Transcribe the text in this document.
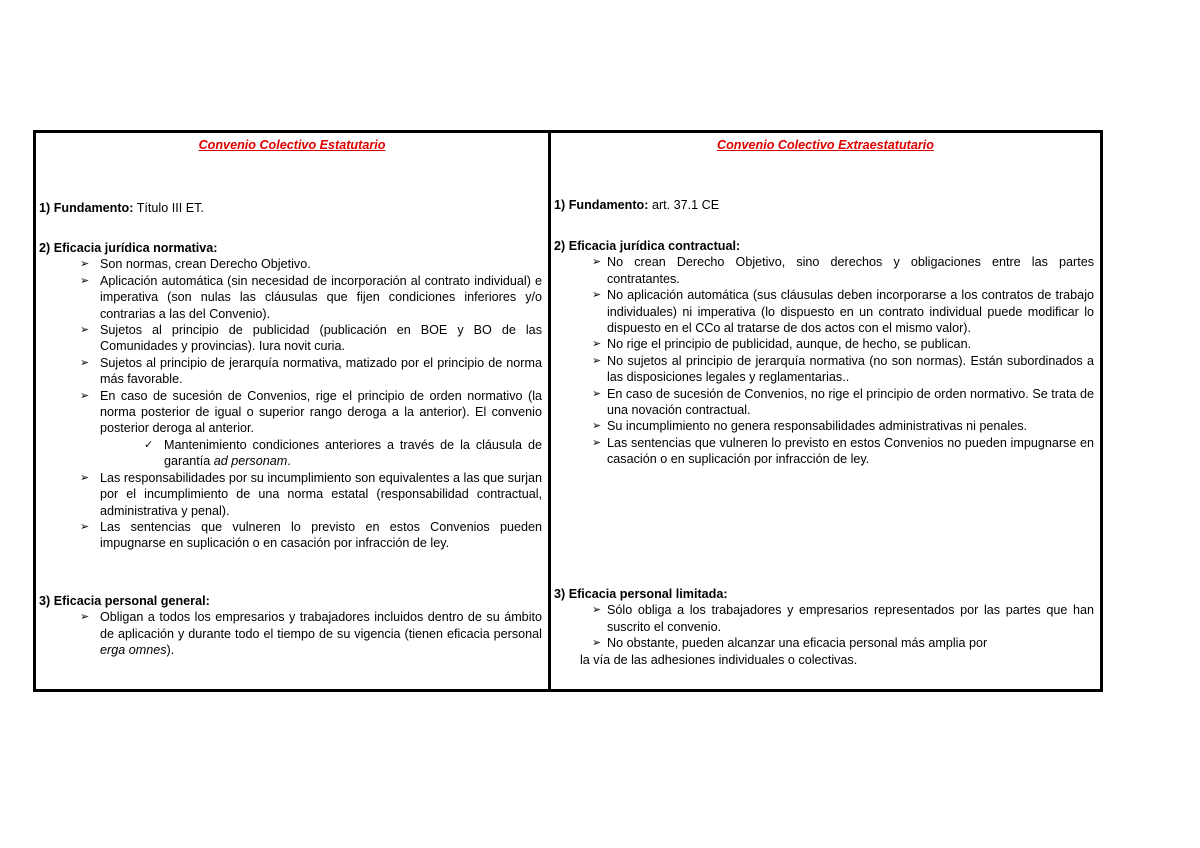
Convenio Colectivo Estatutario
1) Fundamento: Título III ET.
2) Eficacia jurídica normativa:
➢ Son normas, crean Derecho Objetivo.
➢ Aplicación automática (sin necesidad de incorporación al contrato individual) e imperativa (son nulas las cláusulas que fijen condiciones inferiores y/o contrarias a las del Convenio).
➢ Sujetos al principio de publicidad (publicación en BOE y BO de las Comunidades y provincias). Iura novit curia.
➢ Sujetos al principio de jerarquía normativa, matizado por el principio de norma más favorable.
➢ En caso de sucesión de Convenios, rige el principio de orden normativo (la norma posterior de igual o superior rango deroga a la anterior). El convenio posterior deroga al anterior.
✓ Mantenimiento condiciones anteriores a través de la cláusula de garantía ad personam.
➢ Las responsabilidades por su incumplimiento son equivalentes a las que surjan por el incumplimiento de una norma estatal (responsabilidad contractual, administrativa y penal).
➢ Las sentencias que vulneren lo previsto en estos Convenios pueden impugnarse en suplicación o en casación por infracción de ley.
3) Eficacia personal general:
➢ Obligan a todos los empresarios y trabajadores incluidos dentro de su ámbito de aplicación y durante todo el tiempo de su vigencia (tienen eficacia personal erga omnes).
Convenio Colectivo Extraestatutario
1) Fundamento: art. 37.1 CE
2) Eficacia jurídica contractual:
➢ No crean Derecho Objetivo, sino derechos y obligaciones entre las partes contratantes.
➢ No aplicación automática (sus cláusulas deben incorporarse a los contratos de trabajo individuales) ni imperativa (lo dispuesto en un contrato individual puede modificar lo dispuesto en el CCo al tratarse de dos actos con el mismo valor).
➢ No rige el principio de publicidad, aunque, de hecho, se publican.
➢ No sujetos al principio de jerarquía normativa (no son normas). Están subordinados a las disposiciones legales y reglamentarias..
➢ En caso de sucesión de Convenios, no rige el principio de orden normativo. Se trata de una novación contractual.
➢ Su incumplimiento no genera responsabilidades administrativas ni penales.
➢ Las sentencias que vulneren lo previsto en estos Convenios no pueden impugnarse en casación o en suplicación por infracción de ley.
3) Eficacia personal limitada:
➢ Sólo obliga a los trabajadores y empresarios representados por las partes que han suscrito el convenio.
➢ No obstante, pueden alcanzar una eficacia personal más amplia por
la vía de las adhesiones individuales o colectivas.
